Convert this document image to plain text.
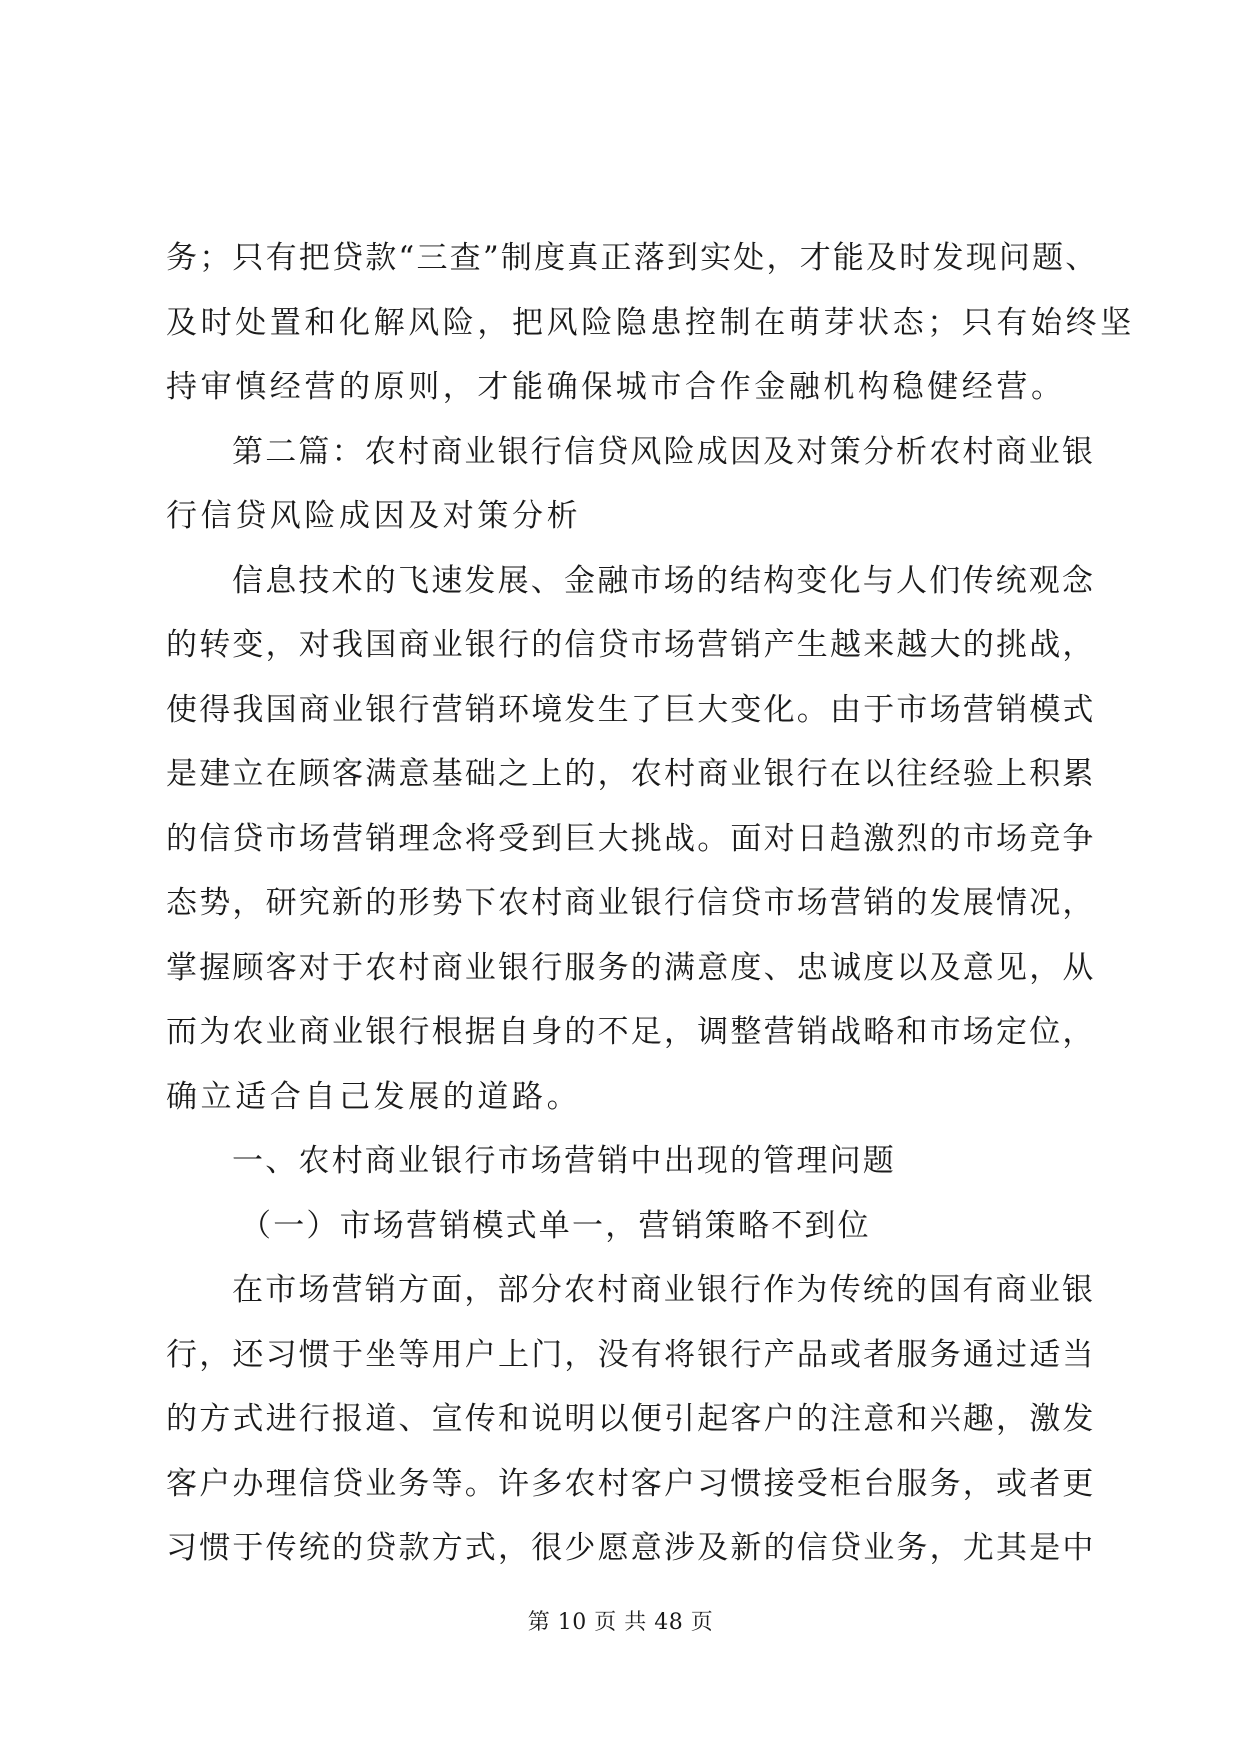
务；只有把贷款“三查”制度真正落到实处，才能及时发现问题、
及时处置和化解风险，把风险隐患控制在萌芽状态；只有始终坚
持审慎经营的原则，才能确保城市合作金融机构稳健经营。
第二篇：农村商业银行信贷风险成因及对策分析农村商业银
行信贷风险成因及对策分析
信息技术的飞速发展、金融市场的结构变化与人们传统观念
的转变，对我国商业银行的信贷市场营销产生越来越大的挑战，
使得我国商业银行营销环境发生了巨大变化。由于市场营销模式
是建立在顾客满意基础之上的，农村商业银行在以往经验上积累
的信贷市场营销理念将受到巨大挑战。面对日趋激烈的市场竞争
态势，研究新的形势下农村商业银行信贷市场营销的发展情况，
掌握顾客对于农村商业银行服务的满意度、忠诚度以及意见，从
而为农业商业银行根据自身的不足，调整营销战略和市场定位，
确立适合自己发展的道路。
一、农村商业银行市场营销中出现的管理问题
（一）市场营销模式单一，营销策略不到位
在市场营销方面，部分农村商业银行作为传统的国有商业银
行，还习惯于坐等用户上门，没有将银行产品或者服务通过适当
的方式进行报道、宣传和说明以便引起客户的注意和兴趣，激发
客户办理信贷业务等。许多农村客户习惯接受柜台服务，或者更
习惯于传统的贷款方式，很少愿意涉及新的信贷业务，尤其是中
第 10 页 共 48 页
